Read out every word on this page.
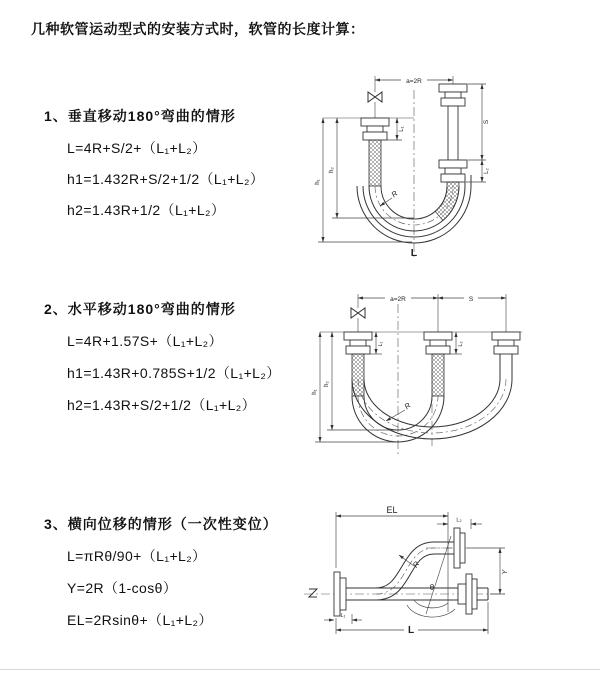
几种软管运动型式的安装方式时，软管的长度计算：
1、垂直移动180°弯曲的情形
L=4R+S/2+（L₁+L₂）
h1=1.432R+S/2+1/2（L₁+L₂）
h2=1.43R+1/2（L₁+L₂）
a=2R
L₁
S
L₂
h₂
h₁
R
L
2、水平移动180°弯曲的情形
L=4R+1.57S+（L₁+L₂）
h1=1.43R+0.785S+1/2（L₁+L₂）
h2=1.43R+S/2+1/2（L₁+L₂）
a=2R	S
L₁	L₂
h₂
h₁
R
3、横向位移的情形（一次性变位）
L=πRθ/90+（L₁+L₂）
Y=2R（1-cosθ）
EL=2Rsinθ+（L₁+L₂）
EL
L₂
Y
L
L₁
θ
R
